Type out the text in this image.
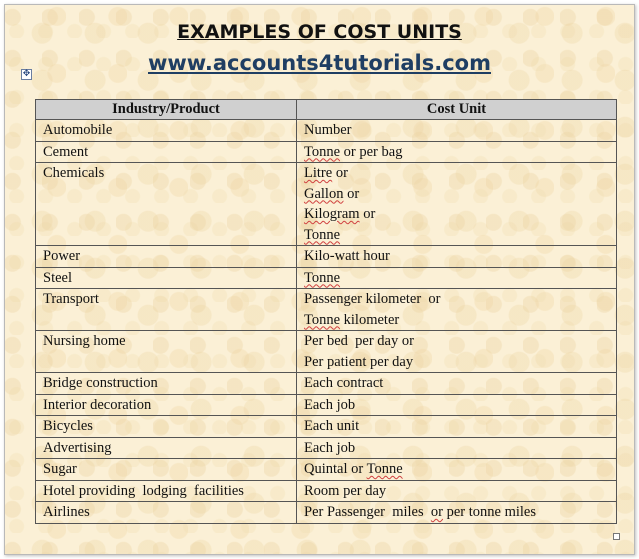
EXAMPLES OF COST UNITS
www.accounts4tutorials.com
✥
Industry/Product	Cost Unit
Automobile	Number

Cement	Tonne or per bag

Chemicals	Litre or
Gallon or
Kilogram or
Tonne

Power	Kilo-watt hour

Steel	Tonne

Transport	Passenger kilometer  or
Tonne kilometer

Nursing home	Per bed  per day or
Per patient per day

Bridge construction	Each contract

Interior decoration	Each job

Bicycles	Each unit

Advertising	Each job

Sugar	Quintal or Tonne

Hotel providing  lodging  facilities	Room per day

Airlines	Per Passenger miles or per tonne miles
